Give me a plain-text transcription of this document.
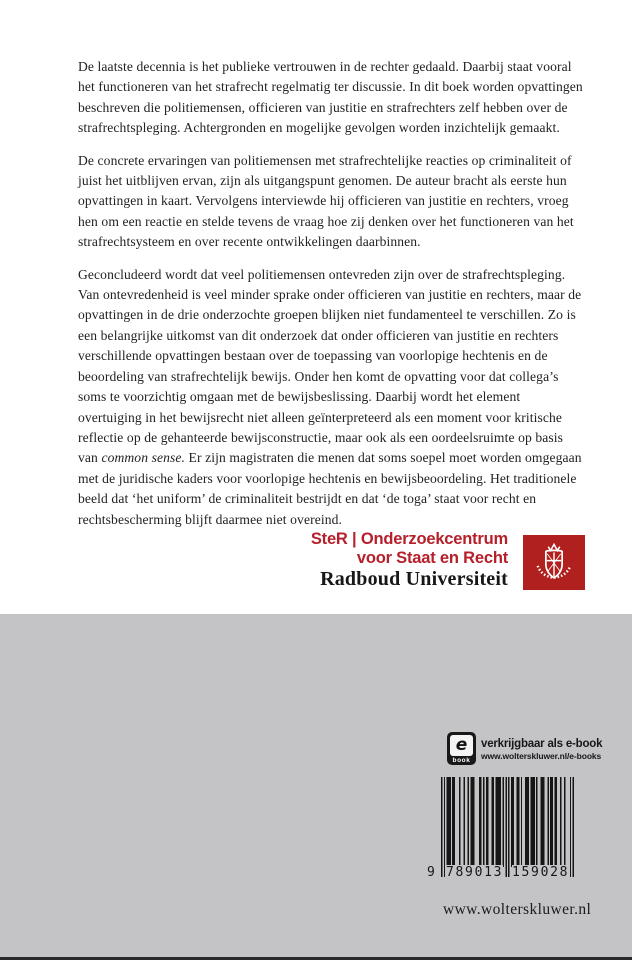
De laatste decennia is het publieke vertrouwen in de rechter gedaald. Daarbij staat vooral het functioneren van het strafrecht regelmatig ter discussie. In dit boek worden opvattingen beschreven die politiemensen, officieren van justitie en strafrechters zelf hebben over de strafrechtspleging. Achtergronden en mogelijke gevolgen worden inzichtelijk gemaakt.

De concrete ervaringen van politiemensen met strafrechtelijke reacties op criminaliteit of juist het uitblijven ervan, zijn als uitgangspunt genomen. De auteur bracht als eerste hun opvattingen in kaart. Vervolgens interviewde hij officieren van justitie en rechters, vroeg hen om een reactie en stelde tevens de vraag hoe zij denken over het functioneren van het strafrechtsysteem en over recente ontwikkelingen daarbinnen.

Geconcludeerd wordt dat veel politiemensen ontevreden zijn over de strafrechtspleging. Van ontevredenheid is veel minder sprake onder officieren van justitie en rechters, maar de opvattingen in de drie onderzochte groepen blijken niet fundamenteel te verschillen. Zo is een belangrijke uitkomst van dit onderzoek dat onder officieren van justitie en rechters verschillende opvattingen bestaan over de toepassing van voorlopige hechtenis en de beoordeling van strafrechtelijk bewijs. Onder hen komt de opvatting voor dat collega’s soms te voorzichtig omgaan met de bewijsbeslissing. Daarbij wordt het element overtuiging in het bewijsrecht niet alleen geïnterpreteerd als een moment voor kritische reflectie op de gehanteerde bewijsconstructie, maar ook als een oordeelsruimte op basis van common sense. Er zijn magistraten die menen dat soms soepel moet worden omgegaan met de juridische kaders voor voorlopige hechtenis en bewijsbeoordeling. Het traditionele beeld dat ‘het uniform’ de criminaliteit bestrijdt en dat ‘de toga’ staat voor recht en rechtsbescherming blijft daarmee niet overeind.

SteR | Onderzoekcentrum
voor Staat en Recht
Radboud Universiteit
e
book
verkrijgbaar als e-book
www.wolterskluwer.nl/e-books
9 789013 159028
www.wolterskluwer.nl
